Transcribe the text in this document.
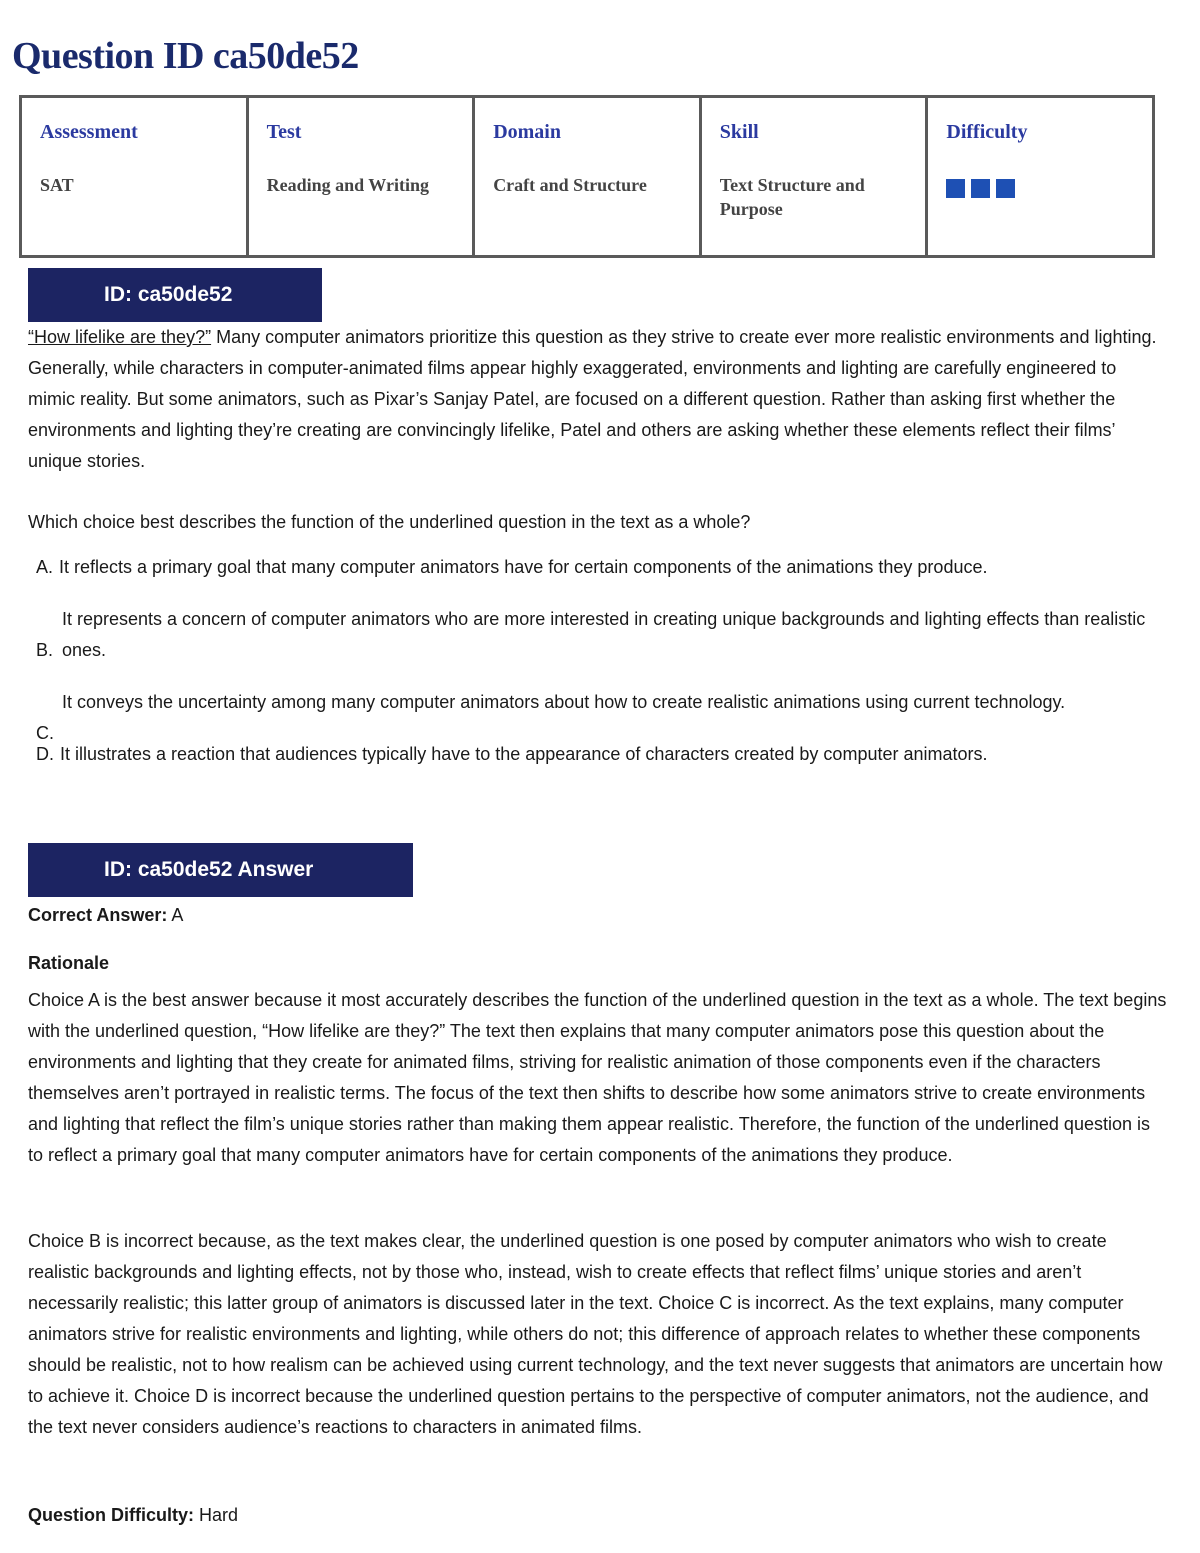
Question ID ca50de52
Assessment
SAT

Test
Reading and Writing

Domain
Craft and Structure

Skill
Text Structure and Purpose

Difficulty
ID: ca50de52

“How lifelike are they?” Many computer animators prioritize this question as they strive to create ever more realistic environments and lighting. Generally, while characters in computer-animated films appear highly exaggerated, environments and lighting are carefully engineered to mimic reality. But some animators, such as Pixar’s Sanjay Patel, are focused on a different question. Rather than asking first whether the environments and lighting they’re creating are convincingly lifelike, Patel and others are asking whether these elements reflect their films’ unique stories.

Which choice best describes the function of the underlined question in the text as a whole?

A. It reflects a primary goal that many computer animators have for certain components of the animations they produce.
B.
It represents a concern of computer animators who are more interested in creating unique backgrounds and lighting effects than realistic ones.
C.
It conveys the uncertainty among many computer animators about how to create realistic animations using current technology.
D. It illustrates a reaction that audiences typically have to the appearance of characters created by computer animators.
ID: ca50de52 Answer

Correct Answer: A

Rationale

Choice A is the best answer because it most accurately describes the function of the underlined question in the text as a whole. The text begins with the underlined question, “How lifelike are they?” The text then explains that many computer animators pose this question about the environments and lighting that they create for animated films, striving for realistic animation of those components even if the characters themselves aren’t portrayed in realistic terms. The focus of the text then shifts to describe how some animators strive to create environments and lighting that reflect the film’s unique stories rather than making them appear realistic. Therefore, the function of the underlined question is to reflect a primary goal that many computer animators have for certain components of the animations they produce.

Choice B is incorrect because, as the text makes clear, the underlined question is one posed by computer animators who wish to create realistic backgrounds and lighting effects, not by those who, instead, wish to create effects that reflect films’ unique stories and aren’t necessarily realistic; this latter group of animators is discussed later in the text. Choice C is incorrect. As the text explains, many computer animators strive for realistic environments and lighting, while others do not; this difference of approach relates to whether these components should be realistic, not to how realism can be achieved using current technology, and the text never suggests that animators are uncertain how to achieve it. Choice D is incorrect because the underlined question pertains to the perspective of computer animators, not the audience, and the text never considers audience’s reactions to characters in animated films.

Question Difficulty: Hard
